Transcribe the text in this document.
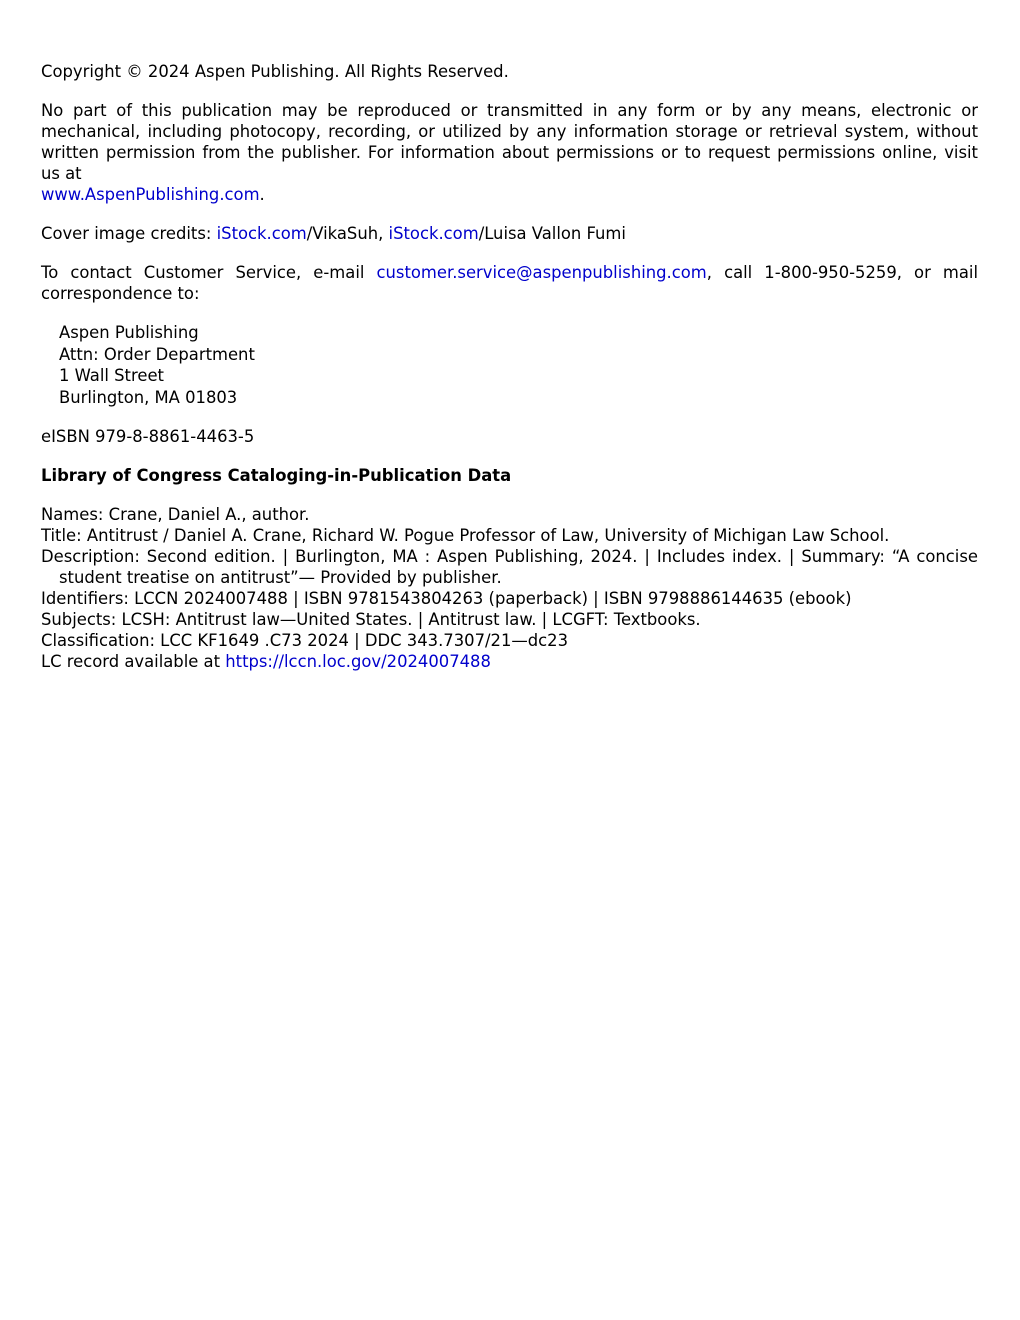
Copyright © 2024 Aspen Publishing. All Rights Reserved.

No part of this publication may be reproduced or transmitted in any form or by any means, electronic or mechanical, including photocopy, recording, or utilized by any information storage or retrieval system, without written permission from the publisher. For information about permissions or to request permissions online, visit us at
www.AspenPublishing.com.

Cover image credits: iStock.com/VikaSuh, iStock.com/Luisa Vallon Fumi

To contact Customer Service, e-mail customer.service@aspenpublishing.com, call 1-800-950-5259, or mail correspondence to:

Aspen Publishing
Attn: Order Department
1 Wall Street
Burlington, MA 01803

eISBN 979-8-8861-4463-5

Library of Congress Cataloging-in-Publication Data

Names: Crane, Daniel A., author.

Title: Antitrust / Daniel A. Crane, Richard W. Pogue Professor of Law, University of Michigan Law School.

Description: Second edition. | Burlington, MA : Aspen Publishing, 2024. | Includes index. | Summary: “A concise student treatise on antitrust”— Provided by publisher.

Identifiers: LCCN 2024007488 | ISBN 9781543804263 (paperback) | ISBN 9798886144635 (ebook)

Subjects: LCSH: Antitrust law—United States. | Antitrust law. | LCGFT: Textbooks.

Classification: LCC KF1649 .C73 2024 | DDC 343.7307/21—dc23

LC record available at https://lccn.loc.gov/2024007488
